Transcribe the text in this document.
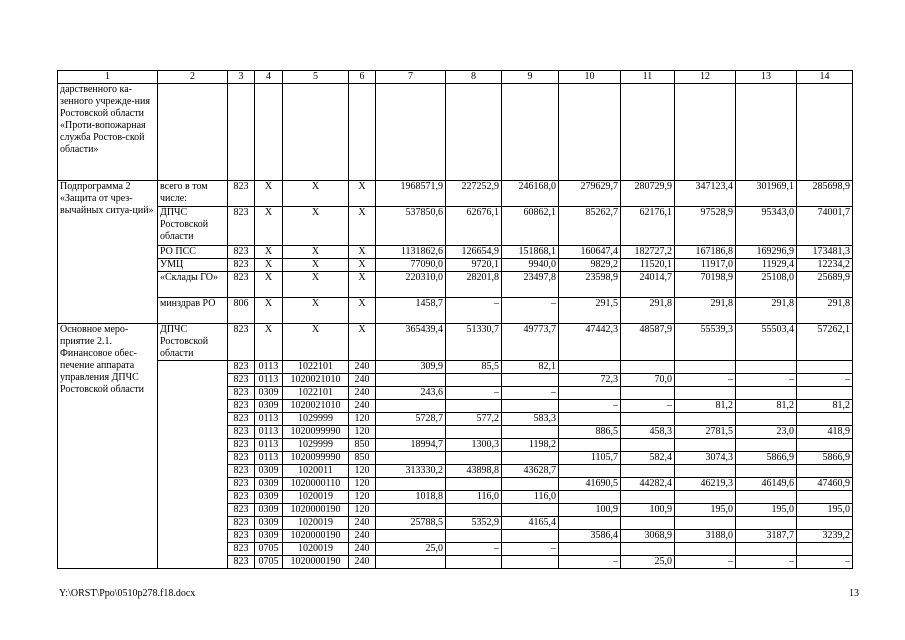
1	2	3	4	5	6	7	8	9	10	11	12	13	14
дарственного ка-зенного учрежде-ния Ростовской области «Проти-вопожарная служба Ростов-ской области»													
Подпрограмма 2 «Защита от чрез-вычайных ситуа-ций»	всего в том числе:	823	Х	Х	Х	1968571,9	227252,9	246168,0	279629,7	280729,9	347123,4	301969,1	285698,9
	ДПЧС Ростовской области	823	Х	Х	Х	537850,6	62676,1	60862,1	85262,7	62176,1	97528,9	95343,0	74001,7
	РО ПСС	823	Х	Х	Х	1131862,6	126654,9	151868,1	160647,4	182727,2	167186,8	169296,9	173481,3
	УМЦ	823	Х	Х	Х	77090,0	9720,1	9940,0	9829,2	11520,1	11917,0	11929,4	12234,2
	«Склады ГО»	823	Х	Х	Х	220310,0	28201,8	23497,8	23598,9	24014,7	70198,9	25108,0	25689,9
	минздрав РО	806	Х	Х	Х	1458,7	–	–	291,5	291,8	291,8	291,8	291,8
Основное меро-приятие 2.1. Финансовое обес-печение аппарата управления ДПЧС Ростовской области	ДПЧС Ростовской области	823	Х	Х	Х	365439,4	51330,7	49773,7	47442,3	48587,9	55539,3	55503,4	57262,1
		823	0113	1022101	240	309,9	85,5	82,1					
		823	0113	1020021010	240				72,3	70,0	–	–	–
		823	0309	1022101	240	243,6	–	–					
		823	0309	1020021010	240				–	–	81,2	81,2	81,2
		823	0113	1029999	120	5728,7	577,2	583,3					
		823	0113	1020099990	120				886,5	458,3	2781,5	23,0	418,9
		823	0113	1029999	850	18994,7	1300,3	1198,2					
		823	0113	1020099990	850				1105,7	582,4	3074,3	5866,9	5866,9
		823	0309	1020011	120	313330,2	43898,8	43628,7					
		823	0309	1020000110	120				41690,5	44282,4	46219,3	46149,6	47460,9
		823	0309	1020019	120	1018,8	116,0	116,0					
		823	0309	1020000190	120				100,9	100,9	195,0	195,0	195,0
		823	0309	1020019	240	25788,5	5352,9	4165,4					
		823	0309	1020000190	240				3586,4	3068,9	3188,0	3187,7	3239,2
		823	0705	1020019	240	25,0	–	–					
		823	0705	1020000190	240				–	25,0	–	–	–
Y:\ORST\Ppo\0510p278.f18.docx	13
